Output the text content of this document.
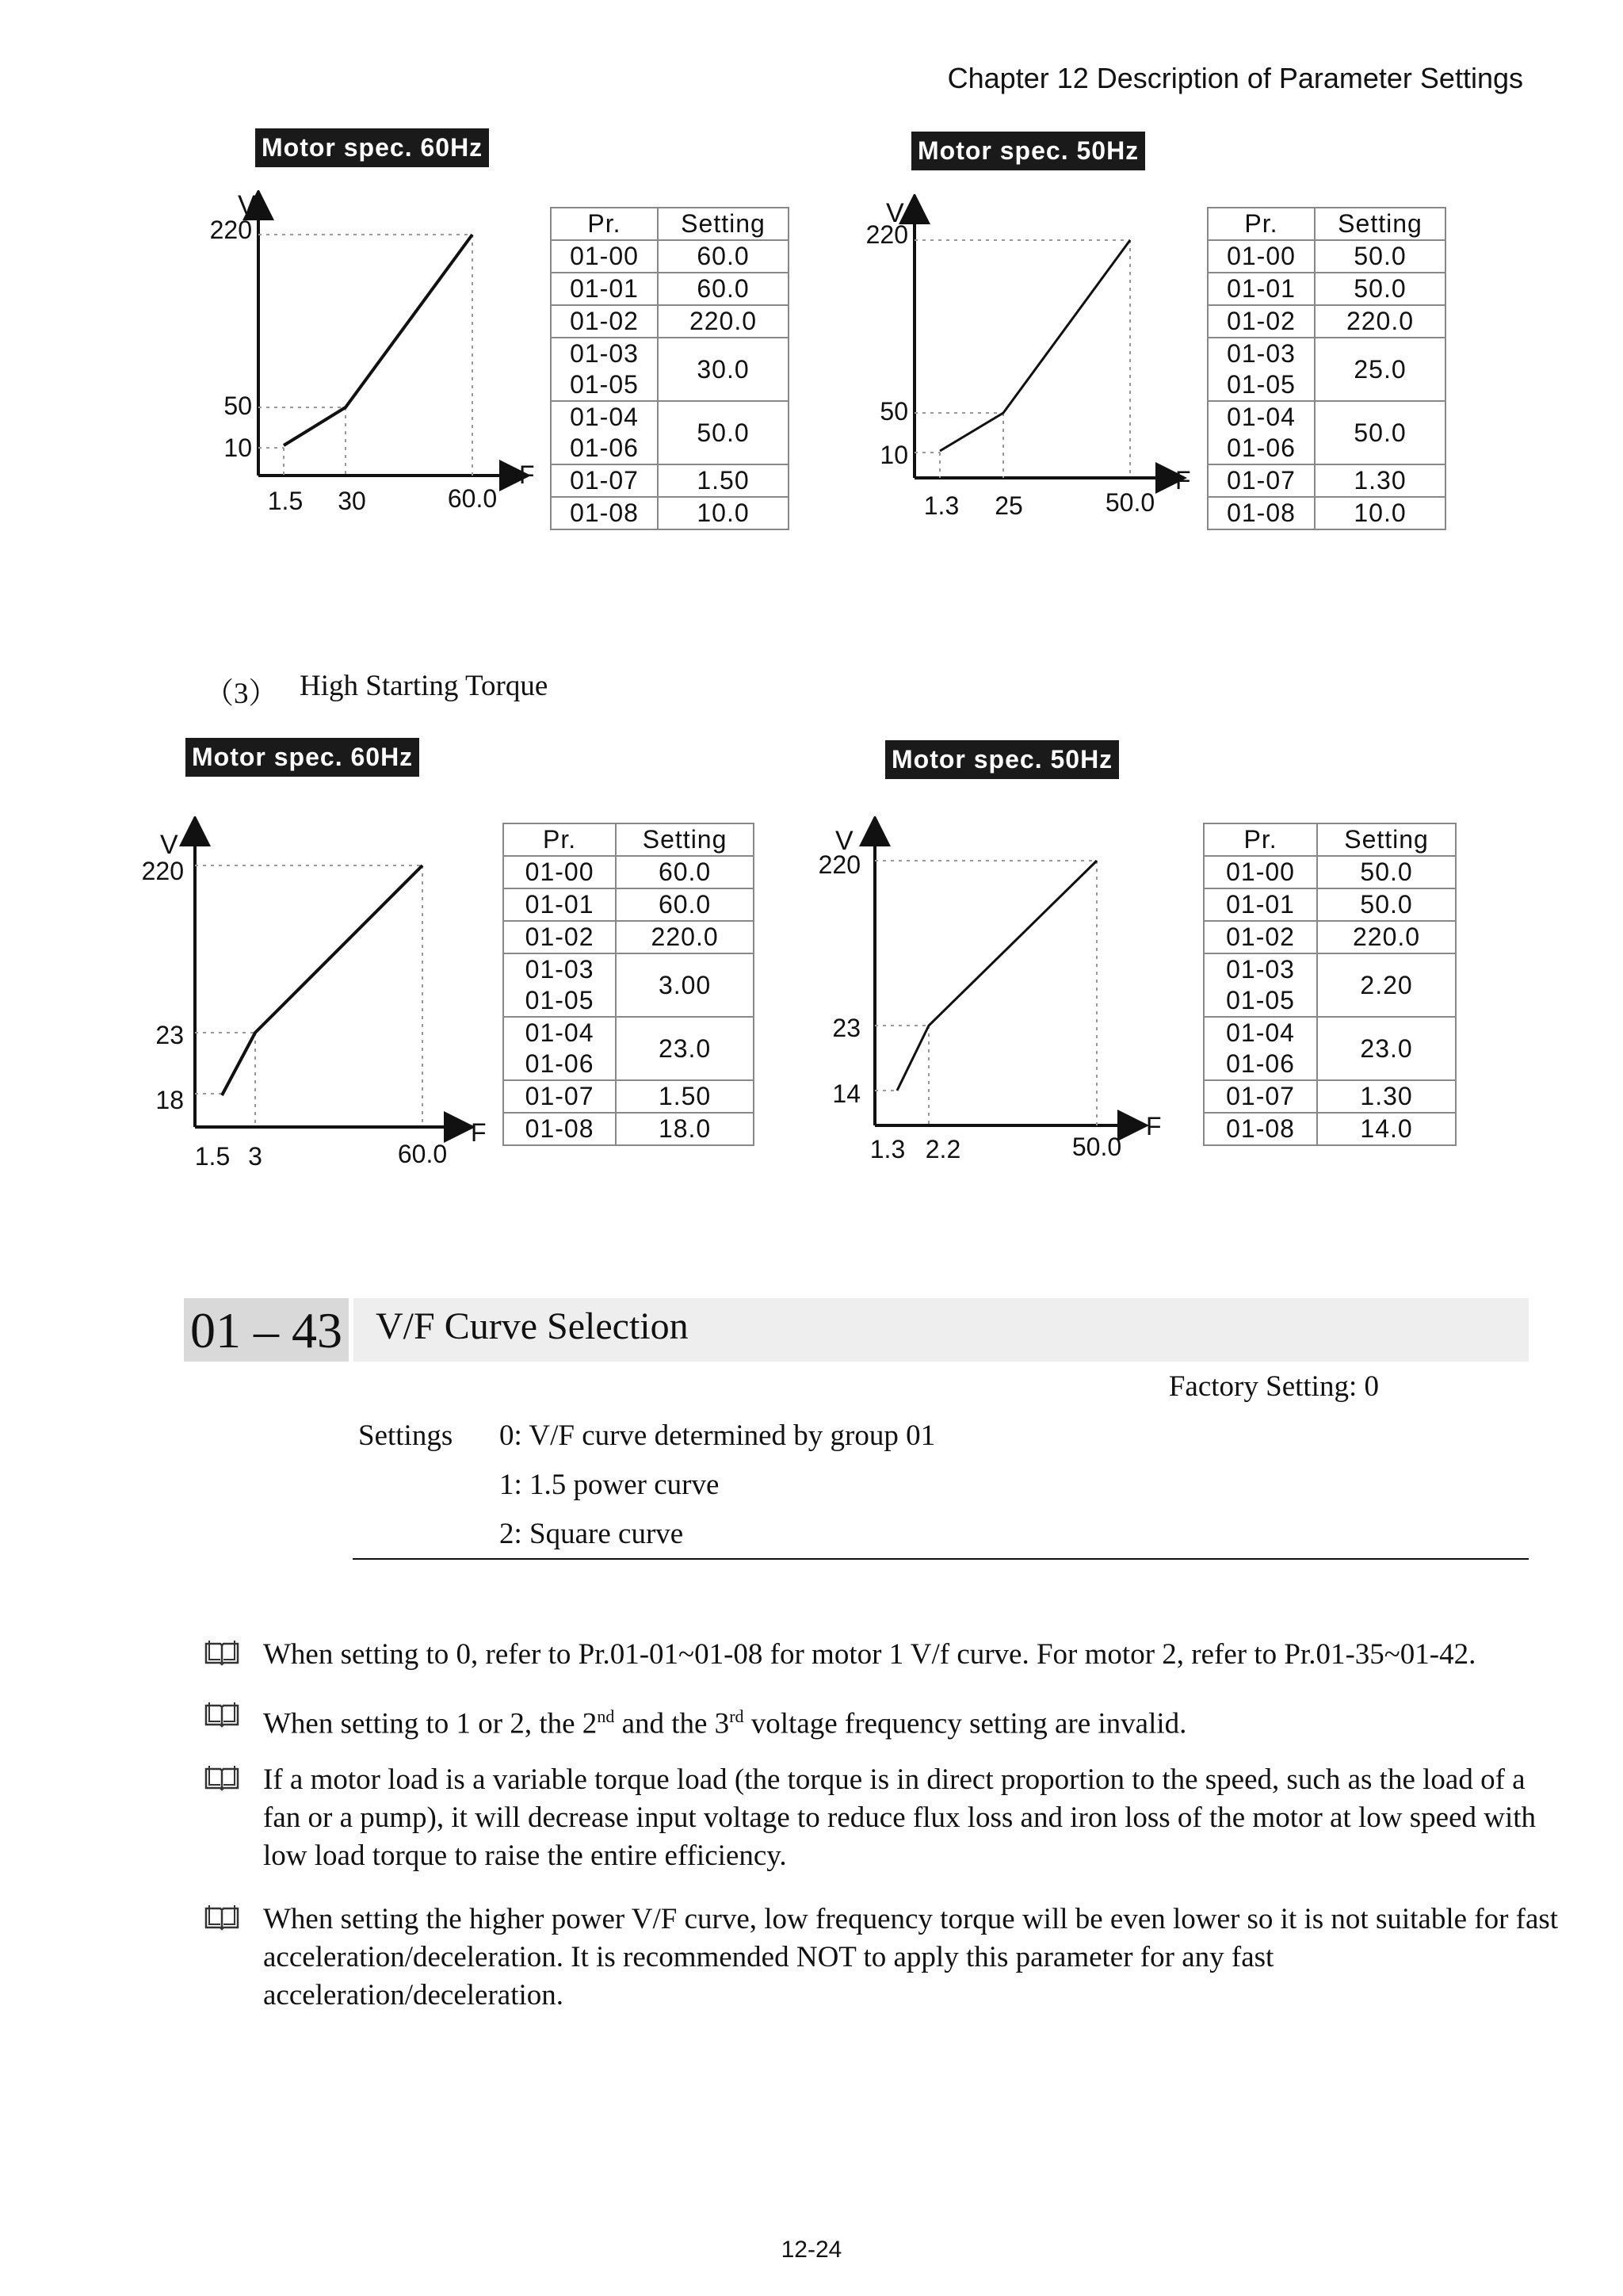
Chapter 12 Description of Parameter Settings
Motor spec. 60Hz
V
F
220
50
10
1.5 30	60.0
Pr.	Setting
01-00	60.0
01-01	60.0
01-02	220.0

01-03
01-05	30.0

01-04
01-06	50.0
01-07	1.50
01-08	10.0
Motor spec. 50Hz
V
F
220
50
10
1.3 25	50.0
Pr.	Setting
01-00	50.0
01-01	50.0
01-02	220.0

01-03
01-05	25.0

01-04
01-06	50.0
01-07	1.30
01-08	10.0
（3） High Starting Torque
Motor spec. 60Hz
V
F
220
23
18
1.5 3	60.0
Pr.	Setting
01-00	60.0
01-01	60.0
01-02	220.0

01-03
01-05	3.00

01-04
01-06	23.0
01-07	1.50
01-08	18.0
Motor spec. 50Hz
V
F
220
23
14
1.3 2.2	50.0
Pr.	Setting
01-00	50.0
01-01	50.0
01-02	220.0

01-03
01-05	2.20

01-04
01-06	23.0
01-07	1.30
01-08	14.0
01 – 43 V/F Curve Selection
Factory Setting: 0
Settings 0: V/F curve determined by group 01
1: 1.5 power curve
2: Square curve
When setting to 0, refer to Pr.01-01~01-08 for motor 1 V/f curve. For motor 2, refer to Pr.01-35~01-42.
When setting to 1 or 2, the 2nd and the 3rd voltage frequency setting are invalid.
If a motor load is a variable torque load (the torque is in direct proportion to the speed, such as the load of a fan or a pump), it will decrease input voltage to reduce flux loss and iron loss of the motor at low speed with low load torque to raise the entire efficiency.
When setting the higher power V/F curve, low frequency torque will be even lower so it is not suitable for fast acceleration/deceleration. It is recommended NOT to apply this parameter for any fast acceleration/deceleration.
12-24
